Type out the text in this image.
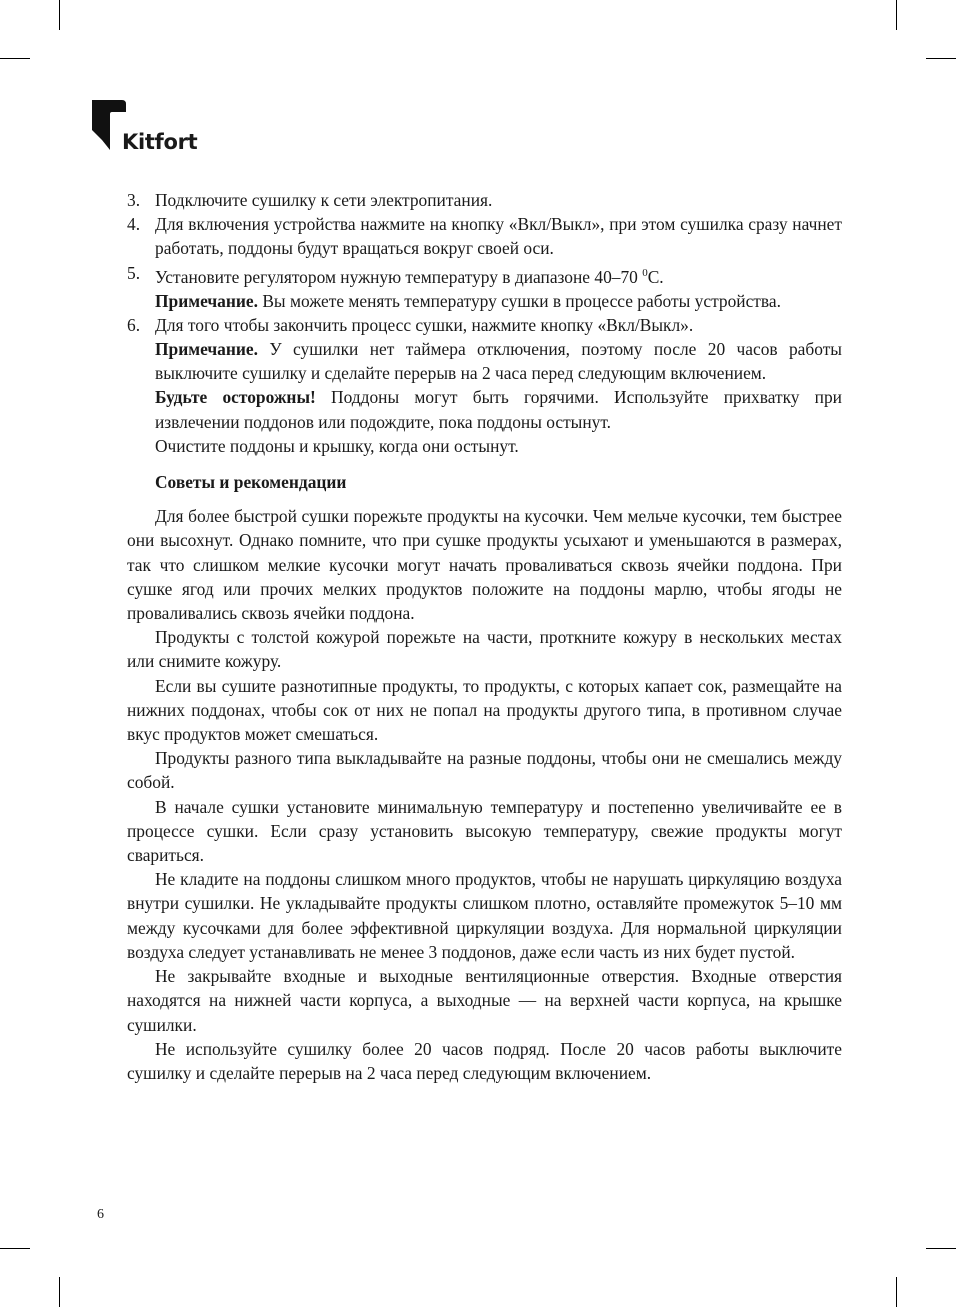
Kitfort
3. Подключите сушилку к сети электропитания.

4. Для включения устройства нажмите на кнопку «Вкл/Выкл», при этом сушилка сразу начнет работать, поддоны будут вращаться вокруг своей оси.

5. Установите регулятором нужную температуру в диапазоне 40–70 $^0$С.

Примечание. Вы можете менять температуру сушки в процессе работы устройства.

6. Для того чтобы закончить процесс сушки, нажмите кнопку «Вкл/Выкл».

Примечание. У сушилки нет таймера отключения, поэтому после 20 часов работы выключите сушилку и сделайте перерыв на 2 часа перед следующим включением.

Будьте осторожны! Поддоны могут быть горячими. Используйте прихватку при извлечении поддонов или подождите, пока поддоны остынут.

Очистите поддоны и крышку, когда они остынут.

Советы и рекомендации

Для более быстрой сушки порежьте продукты на кусочки. Чем мельче кусочки, тем быстрее они высохнут. Однако помните, что при сушке продукты усыхают и уменьшаются в размерах, так что слишком мелкие кусочки могут начать проваливаться сквозь ячейки поддона. При сушке ягод или прочих мелких продуктов положите на поддоны марлю, чтобы ягоды не проваливались сквозь ячейки поддона.

Продукты с толстой кожурой порежьте на части, проткните кожуру в нескольких местах или снимите кожуру.

Если вы сушите разнотипные продукты, то продукты, с которых капает сок, размещайте на нижних поддонах, чтобы сок от них не попал на продукты другого типа, в противном случае вкус продуктов может смешаться.

Продукты разного типа выкладывайте на разные поддоны, чтобы они не смешались между собой.

В начале сушки установите минимальную температуру и постепенно увеличивайте ее в процессе сушки. Если сразу установить высокую температуру, свежие продукты могут свариться.

Не кладите на поддоны слишком много продуктов, чтобы не нарушать циркуляцию воздуха внутри сушилки. Не укладывайте продукты слишком плотно, оставляйте промежуток 5–10 мм между кусочками для более эффективной циркуляции воздуха. Для нормальной циркуляции воздуха следует устанавливать не менее 3 поддонов, даже если часть из них будет пустой.

Не закрывайте входные и выходные вентиляционные отверстия. Входные отверстия находятся на нижней части корпуса, а выходные — на верхней части корпуса, на крышке сушилки.

Не используйте сушилку более 20 часов подряд. После 20 часов работы выключите сушилку и сделайте перерыв на 2 часа перед следующим включением.

6
